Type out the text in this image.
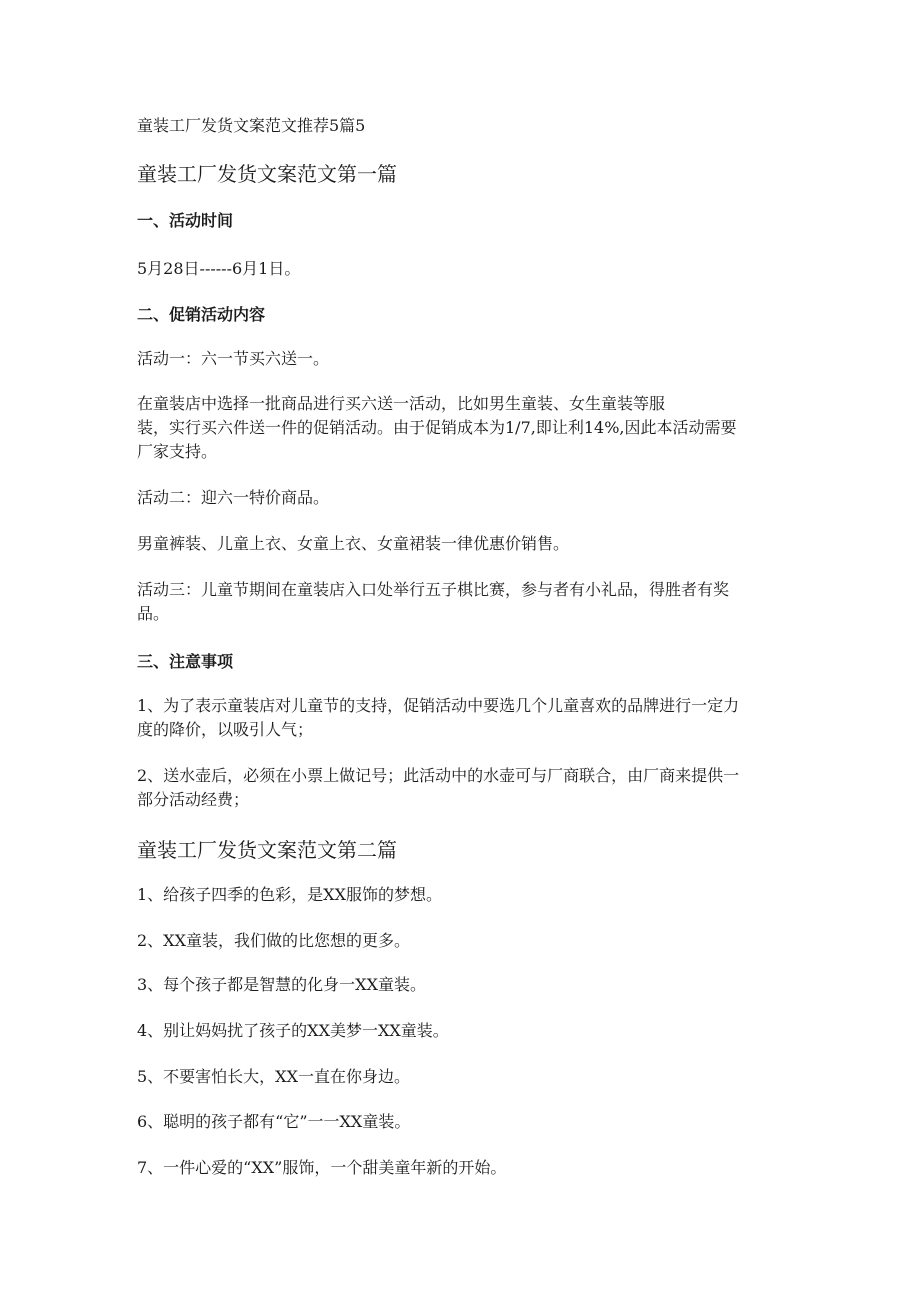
童装工厂发货文案范文推荐5篇5
童装工厂发货文案范文第一篇
一、活动时间
5月28日------6月1日。
二、促销活动内容
活动一：六一节买六送一。
在童装店中选择一批商品进行买六送一活动，比如男生童装、女生童装等服
装，实行买六件送一件的促销活动。由于促销成本为1/7,即让利14%,因此本活动需要
厂家支持。
活动二：迎六一特价商品。
男童裤装、儿童上衣、女童上衣、女童裙装一律优惠价销售。
活动三：儿童节期间在童装店入口处举行五子棋比赛，参与者有小礼品，得胜者有奖
品。
三、注意事项
1、为了表示童装店对儿童节的支持，促销活动中要选几个儿童喜欢的品牌进行一定力
度的降价，以吸引人气；
2、送水壶后，必须在小票上做记号；此活动中的水壶可与厂商联合，由厂商来提供一
部分活动经费；
童装工厂发货文案范文第二篇
1、给孩子四季的色彩，是XX服饰的梦想。
2、XX童装，我们做的比您想的更多。
3、每个孩子都是智慧的化身一XX童装。
4、别让妈妈扰了孩子的XX美梦一XX童装。
5、不要害怕长大，XX一直在你身边。
6、聪明的孩子都有“它”一一XX童装。
7、一件心爱的“XX”服饰，一个甜美童年新的开始。
